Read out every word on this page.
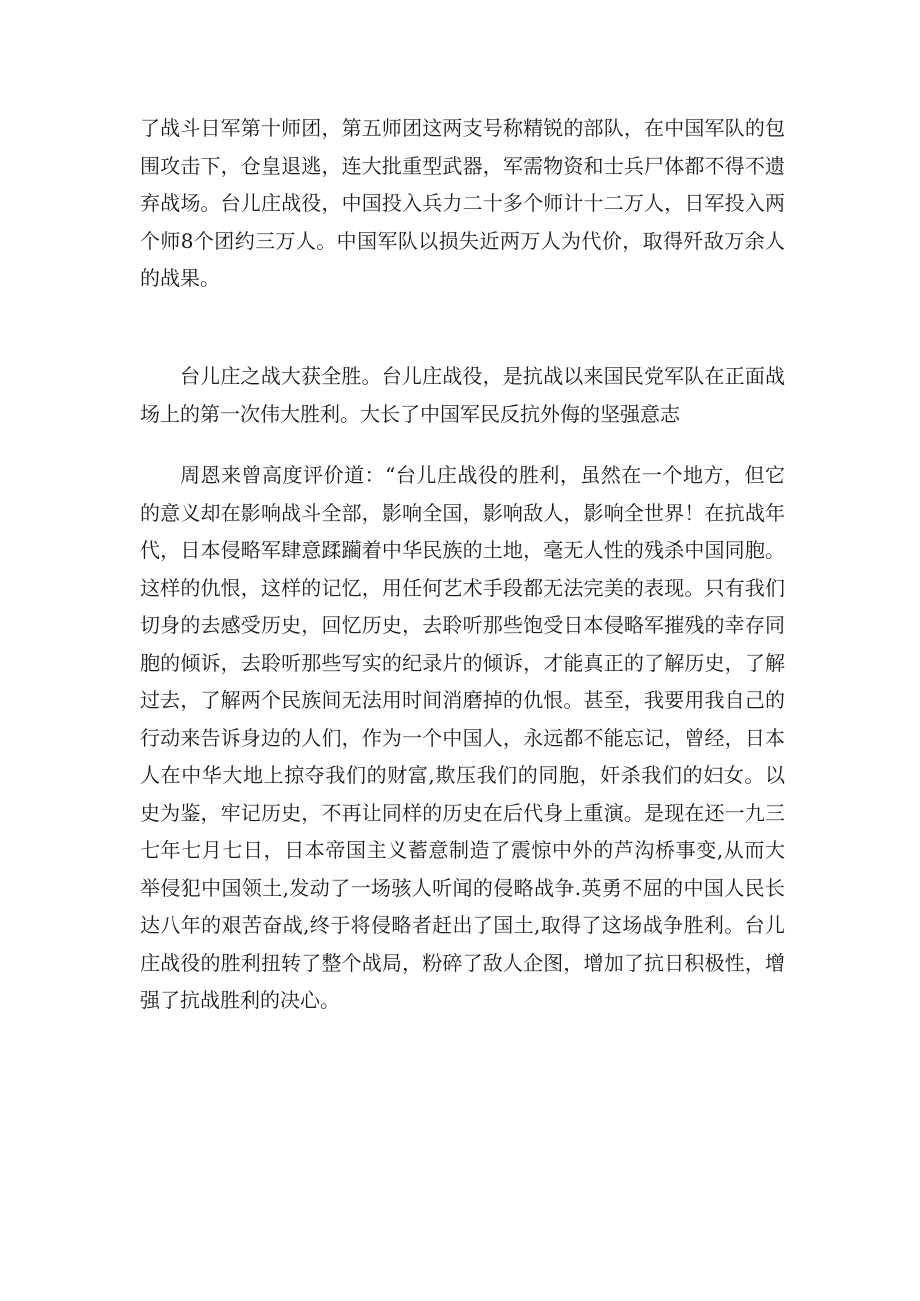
了战斗日军第十师团，第五师团这两支号称精锐的部队，在中国军队的包围攻击下，仓皇退逃，连大批重型武器，军需物资和士兵尸体都不得不遗弃战场。台儿庄战役，中国投入兵力二十多个师计十二万人，日军投入两个师8个团约三万人。中国军队以损失近两万人为代价，取得歼敌万余人的战果。

台儿庄之战大获全胜。台儿庄战役，是抗战以来国民党军队在正面战场上的第一次伟大胜利。大长了中国军民反抗外侮的坚强意志

周恩来曾高度评价道：“台儿庄战役的胜利，虽然在一个地方，但它的意义却在影响战斗全部，影响全国，影响敌人，影响全世界！在抗战年代，日本侵略军肆意蹂躏着中华民族的土地，毫无人性的残杀中国同胞。这样的仇恨，这样的记忆，用任何艺术手段都无法完美的表现。只有我们切身的去感受历史，回忆历史，去聆听那些饱受日本侵略军摧残的幸存同胞的倾诉，去聆听那些写实的纪录片的倾诉，才能真正的了解历史，了解过去，了解两个民族间无法用时间消磨掉的仇恨。甚至，我要用我自己的行动来告诉身边的人们，作为一个中国人，永远都不能忘记，曾经，日本人在中华大地上掠夺我们的财富,欺压我们的同胞，奸杀我们的妇女。以史为鉴，牢记历史，不再让同样的历史在后代身上重演。是现在还一九三七年七月七日，日本帝国主义蓄意制造了震惊中外的芦沟桥事变,从而大举侵犯中国领土,发动了一场骇人听闻的侵略战争.英勇不屈的中国人民长达八年的艰苦奋战,终于将侵略者赶出了国土,取得了这场战争胜利。台儿庄战役的胜利扭转了整个战局，粉碎了敌人企图，增加了抗日积极性，增强了抗战胜利的决心。
